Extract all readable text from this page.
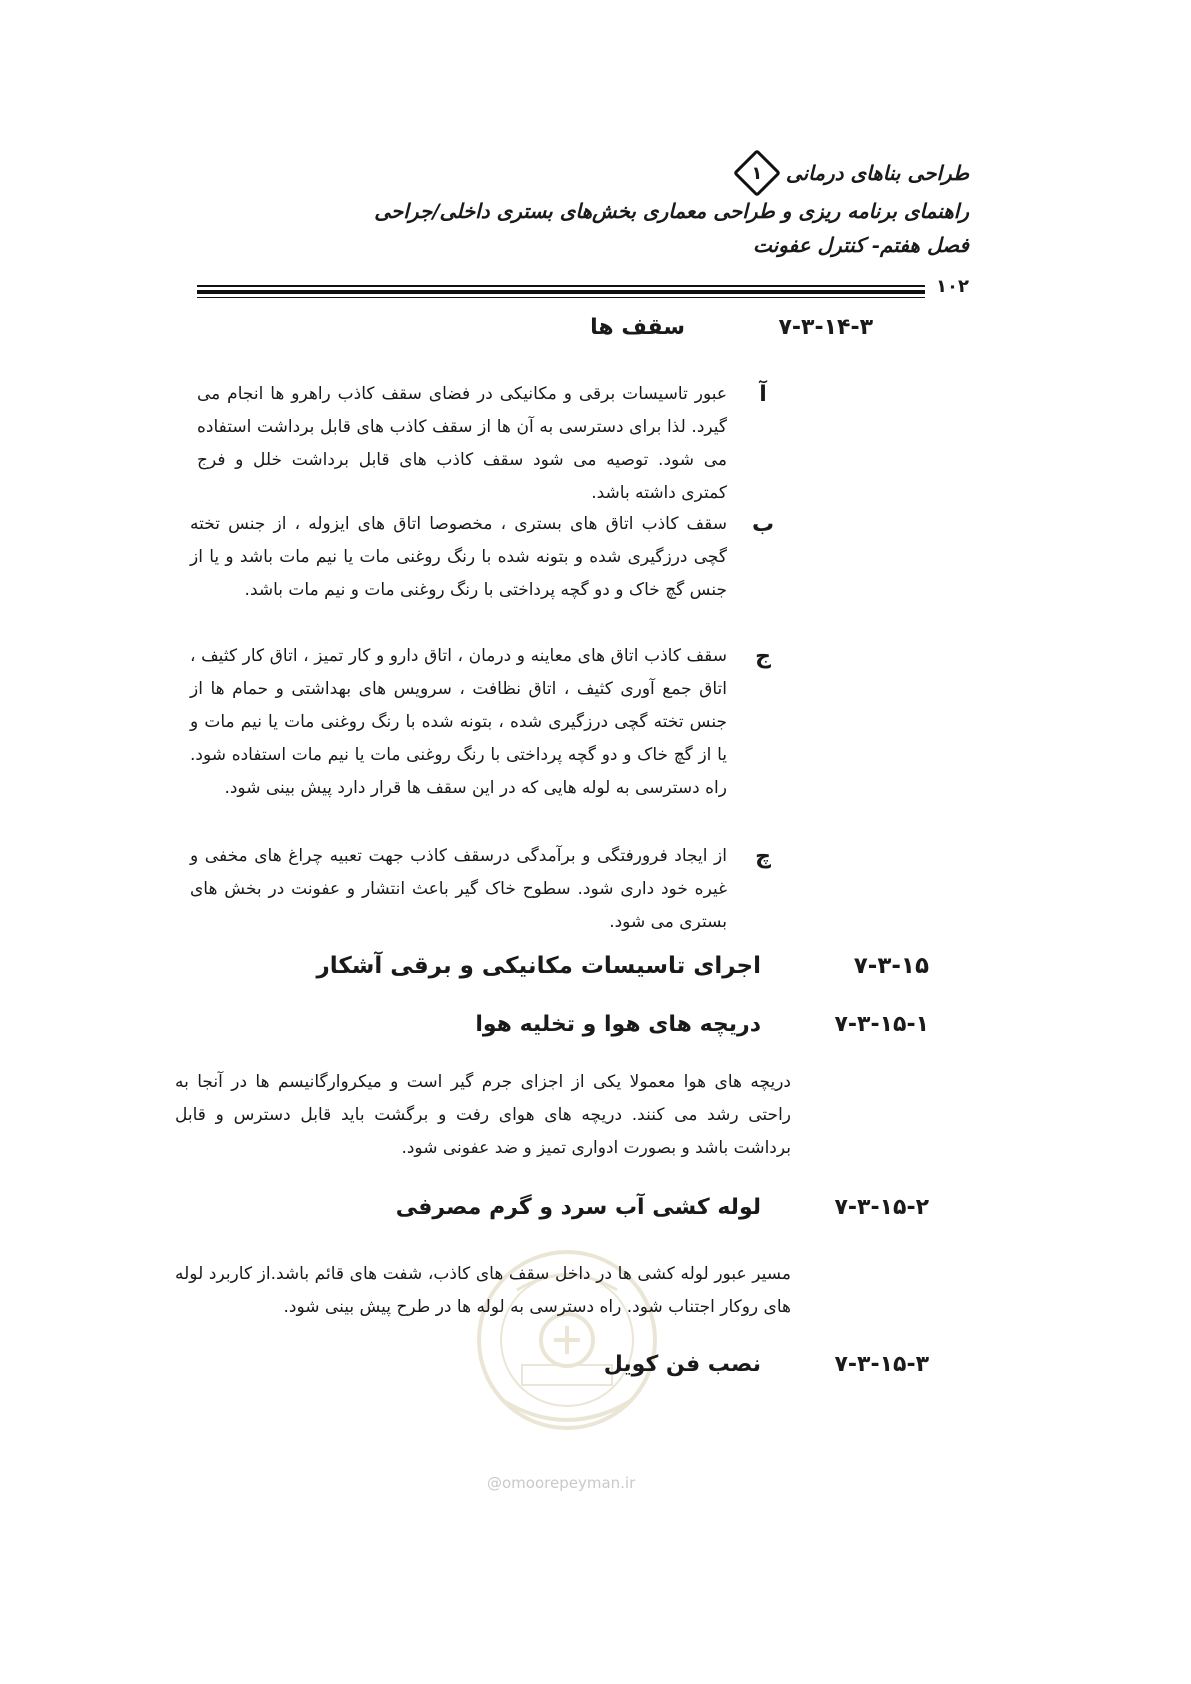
طراحی بناهای درمانی
۱
راهنمای برنامه ریزی و طراحی معماری بخش‌های بستری داخلی/جراحی
فصل هفتم- کنترل عفونت
۱۰۲
۷-۳-۱۴-۳
سقف ها
آ
عبور تاسیسات برقی و مکانیکی در فضای سقف کاذب راهرو ها انجام می گیرد. لذا برای دسترسی به آن ها از سقف کاذب های قابل برداشت استفاده می شود. توصیه می شود سقف کاذب های قابل برداشت خلل و فرج کمتری داشته باشد.
ب
سقف کاذب اتاق های بستری ، مخصوصا اتاق های ایزوله ، از جنس تخته گچی درزگیری شده و بتونه شده با رنگ روغنی مات یا نیم مات باشد و یا از جنس گچ خاک و دو گچه پرداختی با رنگ روغنی مات و نیم مات باشد.
ج
سقف کاذب اتاق های معاینه و درمان ، اتاق دارو و کار تمیز ، اتاق کار کثیف ، اتاق جمع آوری کثیف ، اتاق نظافت ، سرویس های بهداشتی و حمام ها از جنس تخته گچی درزگیری شده ، بتونه شده با رنگ روغنی مات یا نیم مات و یا از گچ خاک و دو گچه پرداختی با رنگ روغنی مات یا نیم مات استفاده شود. راه دسترسی به لوله هایی که در این سقف ها قرار دارد پیش بینی شود.
چ
از ایجاد فرورفتگی و برآمدگی درسقف کاذب جهت تعبیه چراغ های مخفی و غیره خود داری شود. سطوح خاک گیر باعث انتشار و عفونت در بخش های بستری می شود.
۷-۳-۱۵
اجرای تاسیسات مکانیکی و برقی آشکار
۷-۳-۱۵-۱
دریچه های هوا و تخلیه هوا
دریچه های هوا معمولا یکی از اجزای جرم گیر است و میکروارگانیسم ها در آنجا به راحتی رشد می کنند. دریچه های هوای رفت و برگشت باید قابل دسترس و قابل برداشت باشد و بصورت ادواری تمیز و ضد عفونی شود.
۷-۳-۱۵-۲
لوله کشی آب سرد و گرم مصرفی
مسیر عبور لوله کشی ها در داخل سقف های کاذب، شفت های قائم باشد.از کاربرد لوله های روکار اجتناب شود. راه دسترسی به لوله ها در طرح پیش بینی شود.
۷-۳-۱۵-۳
نصب فن کویل
@omoorepeyman.ir
